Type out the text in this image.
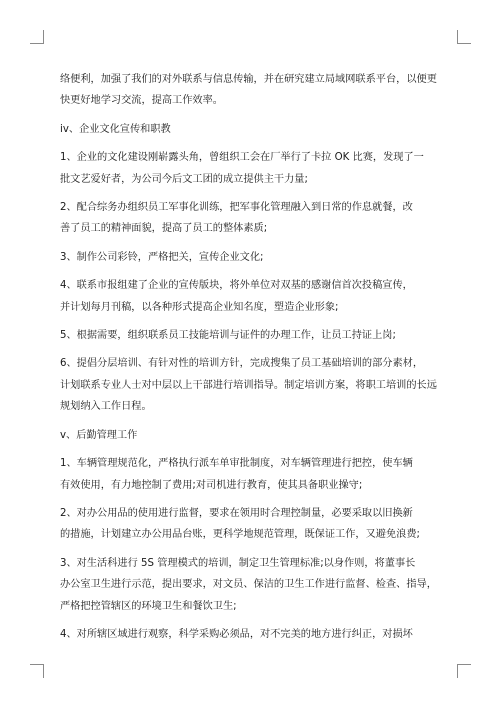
络便利，加强了我们的对外联系与信息传输，并在研究建立局域网联系平台，以便更
快更好地学习交流，提高工作效率。

iv、企业文化宣传和职教

1、企业的文化建设刚崭露头角，曾组织工会在厂举行了卡拉 OK 比赛，发现了一
批文艺爱好者，为公司今后文工团的成立提供主干力量;

2、配合综务办组织员工军事化训练，把军事化管理融入到日常的作息就餐，改
善了员工的精神面貌，提高了员工的整体素质;

3、制作公司彩铃，严格把关，宣传企业文化;

4、联系市报组建了企业的宣传版块，将外单位对双基的感谢信首次投稿宣传，
并计划每月刊稿，以各种形式提高企业知名度，塑造企业形象;

5、根据需要，组织联系员工技能培训与证件的办理工作，让员工持证上岗;

6、提倡分层培训、有针对性的培训方针，完成搜集了员工基础培训的部分素材，
计划联系专业人士对中层以上干部进行培训指导。制定培训方案，将职工培训的长远
规划纳入工作日程。

v、后勤管理工作

1、车辆管理规范化，严格执行派车单审批制度，对车辆管理进行把控，使车辆
有效使用，有力地控制了费用;对司机进行教育，使其具备职业操守;

2、对办公用品的使用进行监督，要求在领用时合理控制量，必要采取以旧换新
的措施，计划建立办公用品台账，更科学地规范管理，既保证工作，又避免浪费;

3、对生活科进行 5S 管理模式的培训，制定卫生管理标准;以身作则，将董事长
办公室卫生进行示范，提出要求，对文员、保洁的卫生工作进行监督、检查、指导，
严格把控管辖区的环境卫生和餐饮卫生;

4、对所辖区域进行观察，科学采购必须品，对不完美的地方进行纠正，对损坏
